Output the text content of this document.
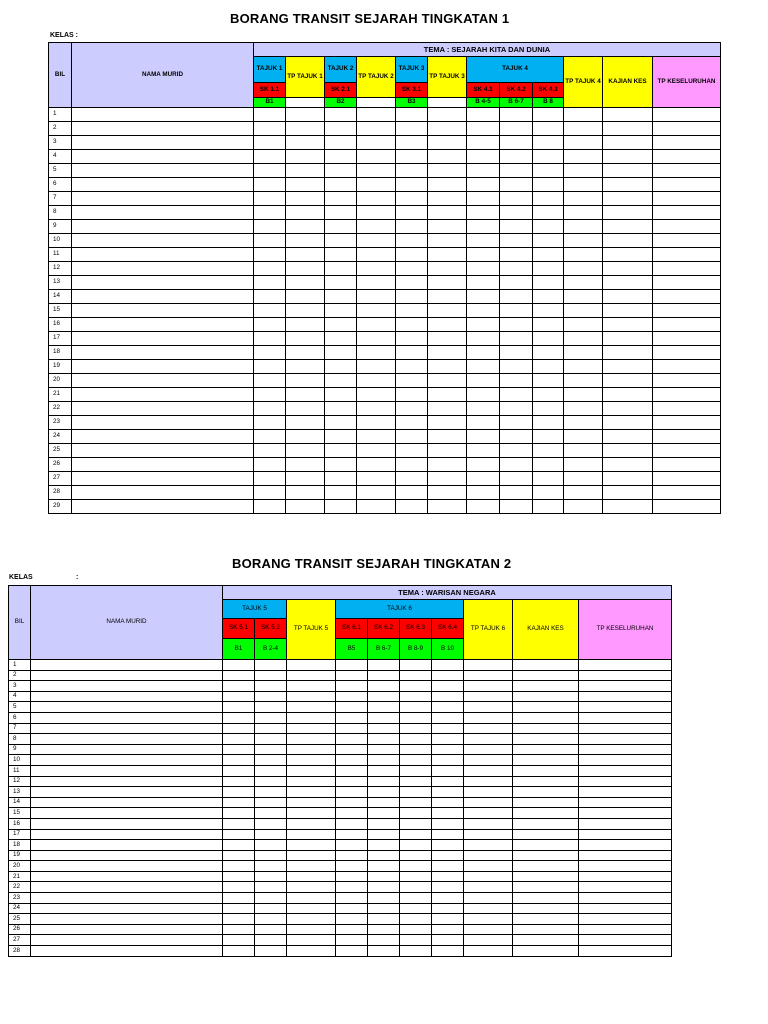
BORANG TRANSIT SEJARAH TINGKATAN 1
KELAS :
BIL	NAMA MURID	TEMA : SEJARAH KITA DAN DUNIA											
		TAJUK 1	TP TAJUK 1	TAJUK 2	TP TAJUK 2	TAJUK 3	TP TAJUK 3	TAJUK 4			TP TAJUK 4	KAJIAN KES	TP KESELURUHAN
		SK 1.1		SK 2.1		SK 3.1		SK 4.1	SK 4.2	SK 4.3			
		B1		B2		B3		B 4-5	B 6-7	B 8			
1													
2													
3													
4													
5													
6													
7													
8													
9													
10													
11													
12													
13													
14													
15													
16													
17													
18													
19													
20													
21													
22													
23													
24													
25													
26													
27													
28													
29													
BORANG TRANSIT SEJARAH TINGKATAN 2
KELAS	:
BIL	NAMA MURID	TEMA : WARISAN NEGARA									
		TAJUK 5		TP TAJUK 5	TAJUK 6				TP TAJUK 6	KAJIAN KES	TP KESELURUHAN
		SK 5.1	SK 5.2		SK 6.1	SK 6.2	SK 6.3	SK 6.4			
		B1	B 2-4		B5	B 6-7	B 8-9	B 10			
1											
2											
3											
4											
5											
6											
7											
8											
9											
10											
11											
12											
13											
14											
15											
16											
17											
18											
19											
20											
21											
22											
23											
24											
25											
26											
27											
28											
